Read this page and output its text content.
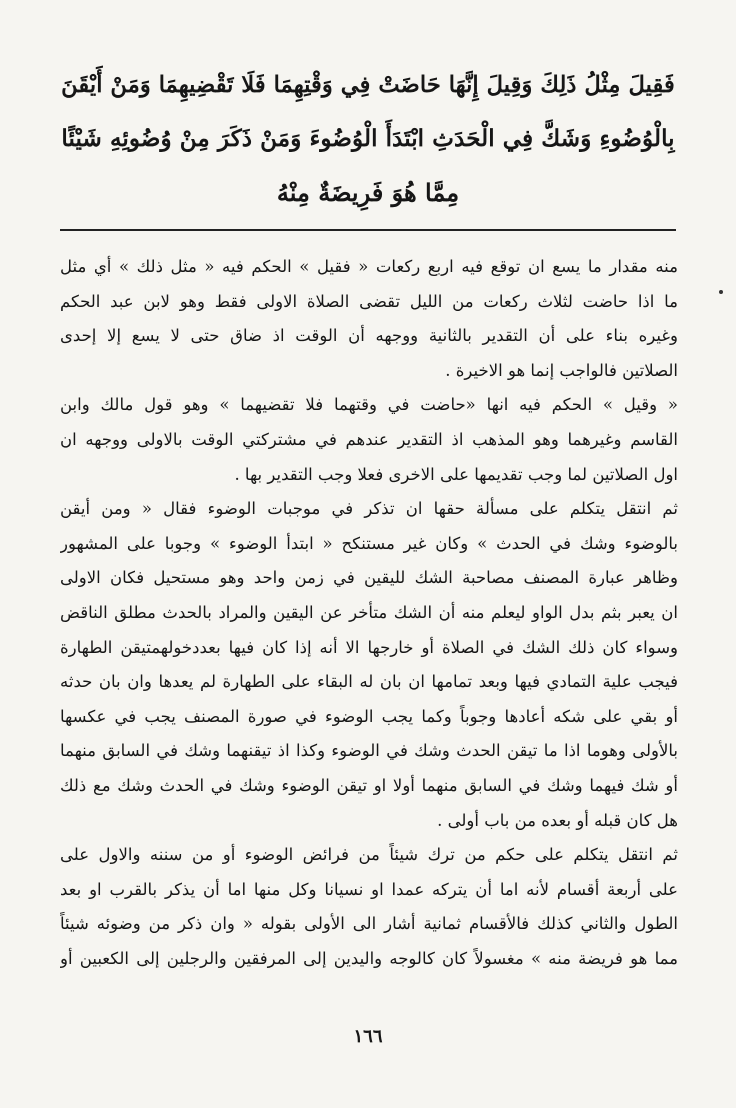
فَقِيلَ مِثْلُ ذَلِكَ وَقِيلَ إِنَّهَا حَاضَتْ فِي وَقْتِهِمَا فَلَا تَقْضِيهِمَا وَمَنْ أَيْقَنَ
بِالْوُضُوءِ وَشَكَّ فِي الْحَدَثِ ابْتَدَأَ الْوُضُوءَ وَمَنْ ذَكَرَ مِنْ وُضُوئِهِ شَيْئًا
مِمَّا هُوَ فَرِيضَةٌ مِنْهُ
منه مقدار ما يسع ان توقع فيه اربع ركعات « فقيل » الحكم فيه « مثل ذلك » أي مثل
ما اذا حاضت لثلاث ركعات من الليل تقضى الصلاة الاولى فقط وهو لابن عبد الحكم
وغيره بناء على أن التقدير بالثانية ووجهه أن الوقت اذ ضاق حتى لا يسع إلا إحدى
الصلاتين فالواجب إنما هو الاخيرة .
« وقيل » الحكم فيه انها «حاضت في وقتهما فلا تقضيهما » وهو قول مالك وابن
القاسم وغيرهما وهو المذهب اذ التقدير عندهم في مشتركتي الوقت بالاولى ووجهه ان
اول الصلاتين لما وجب تقديمها على الاخرى فعلا وجب التقدير بها .
ثم انتقل يتكلم على مسألة حقها ان تذكر في موجبات الوضوء فقال « ومن أيقن
بالوضوء وشك في الحدث » وكان غير مستنكح « ابتدأ الوضوء » وجوبا على المشهور
وظاهر عبارة المصنف مصاحبة الشك لليقين في زمن واحد وهو مستحيل فكان الاولى
ان يعبر بثم بدل الواو ليعلم منه أن الشك متأخر عن اليقين والمراد بالحدث مطلق الناقض
وسواء كان ذلك الشك في الصلاة أو خارجها الا أنه إذا كان فيها بعددخولهمتيقن الطهارة
فيجب علية التمادي فيها وبعد تمامها ان بان له البقاء على الطهارة لم يعدها وان بان حدثه
أو بقي على شكه أعادها وجوباً وكما يجب الوضوء في صورة المصنف يجب في عكسها
بالأولى وهوما اذا ما تيقن الحدث وشك في الوضوء وكذا اذ تيقنهما وشك في السابق منهما
أو شك فيهما وشك في السابق منهما أولا او تيقن الوضوء وشك في الحدث وشك مع ذلك
هل كان قبله أو بعده من باب أولى .
ثم انتقل يتكلم على حكم من ترك شيئاً من فرائض الوضوء أو من سننه والاول على
على أربعة أقسام لأنه اما أن يتركه عمدا او نسيانا وكل منها اما أن يذكر بالقرب او بعد
الطول والثاني كذلك فالأقسام ثمانية أشار الى الأولى بقوله « وان ذكر من وضوئه شيئاً
مما هو فريضة منه » مغسولاً كان كالوجه واليدين إلى المرفقين والرجلين إلى الكعبين أو
١٦٦
